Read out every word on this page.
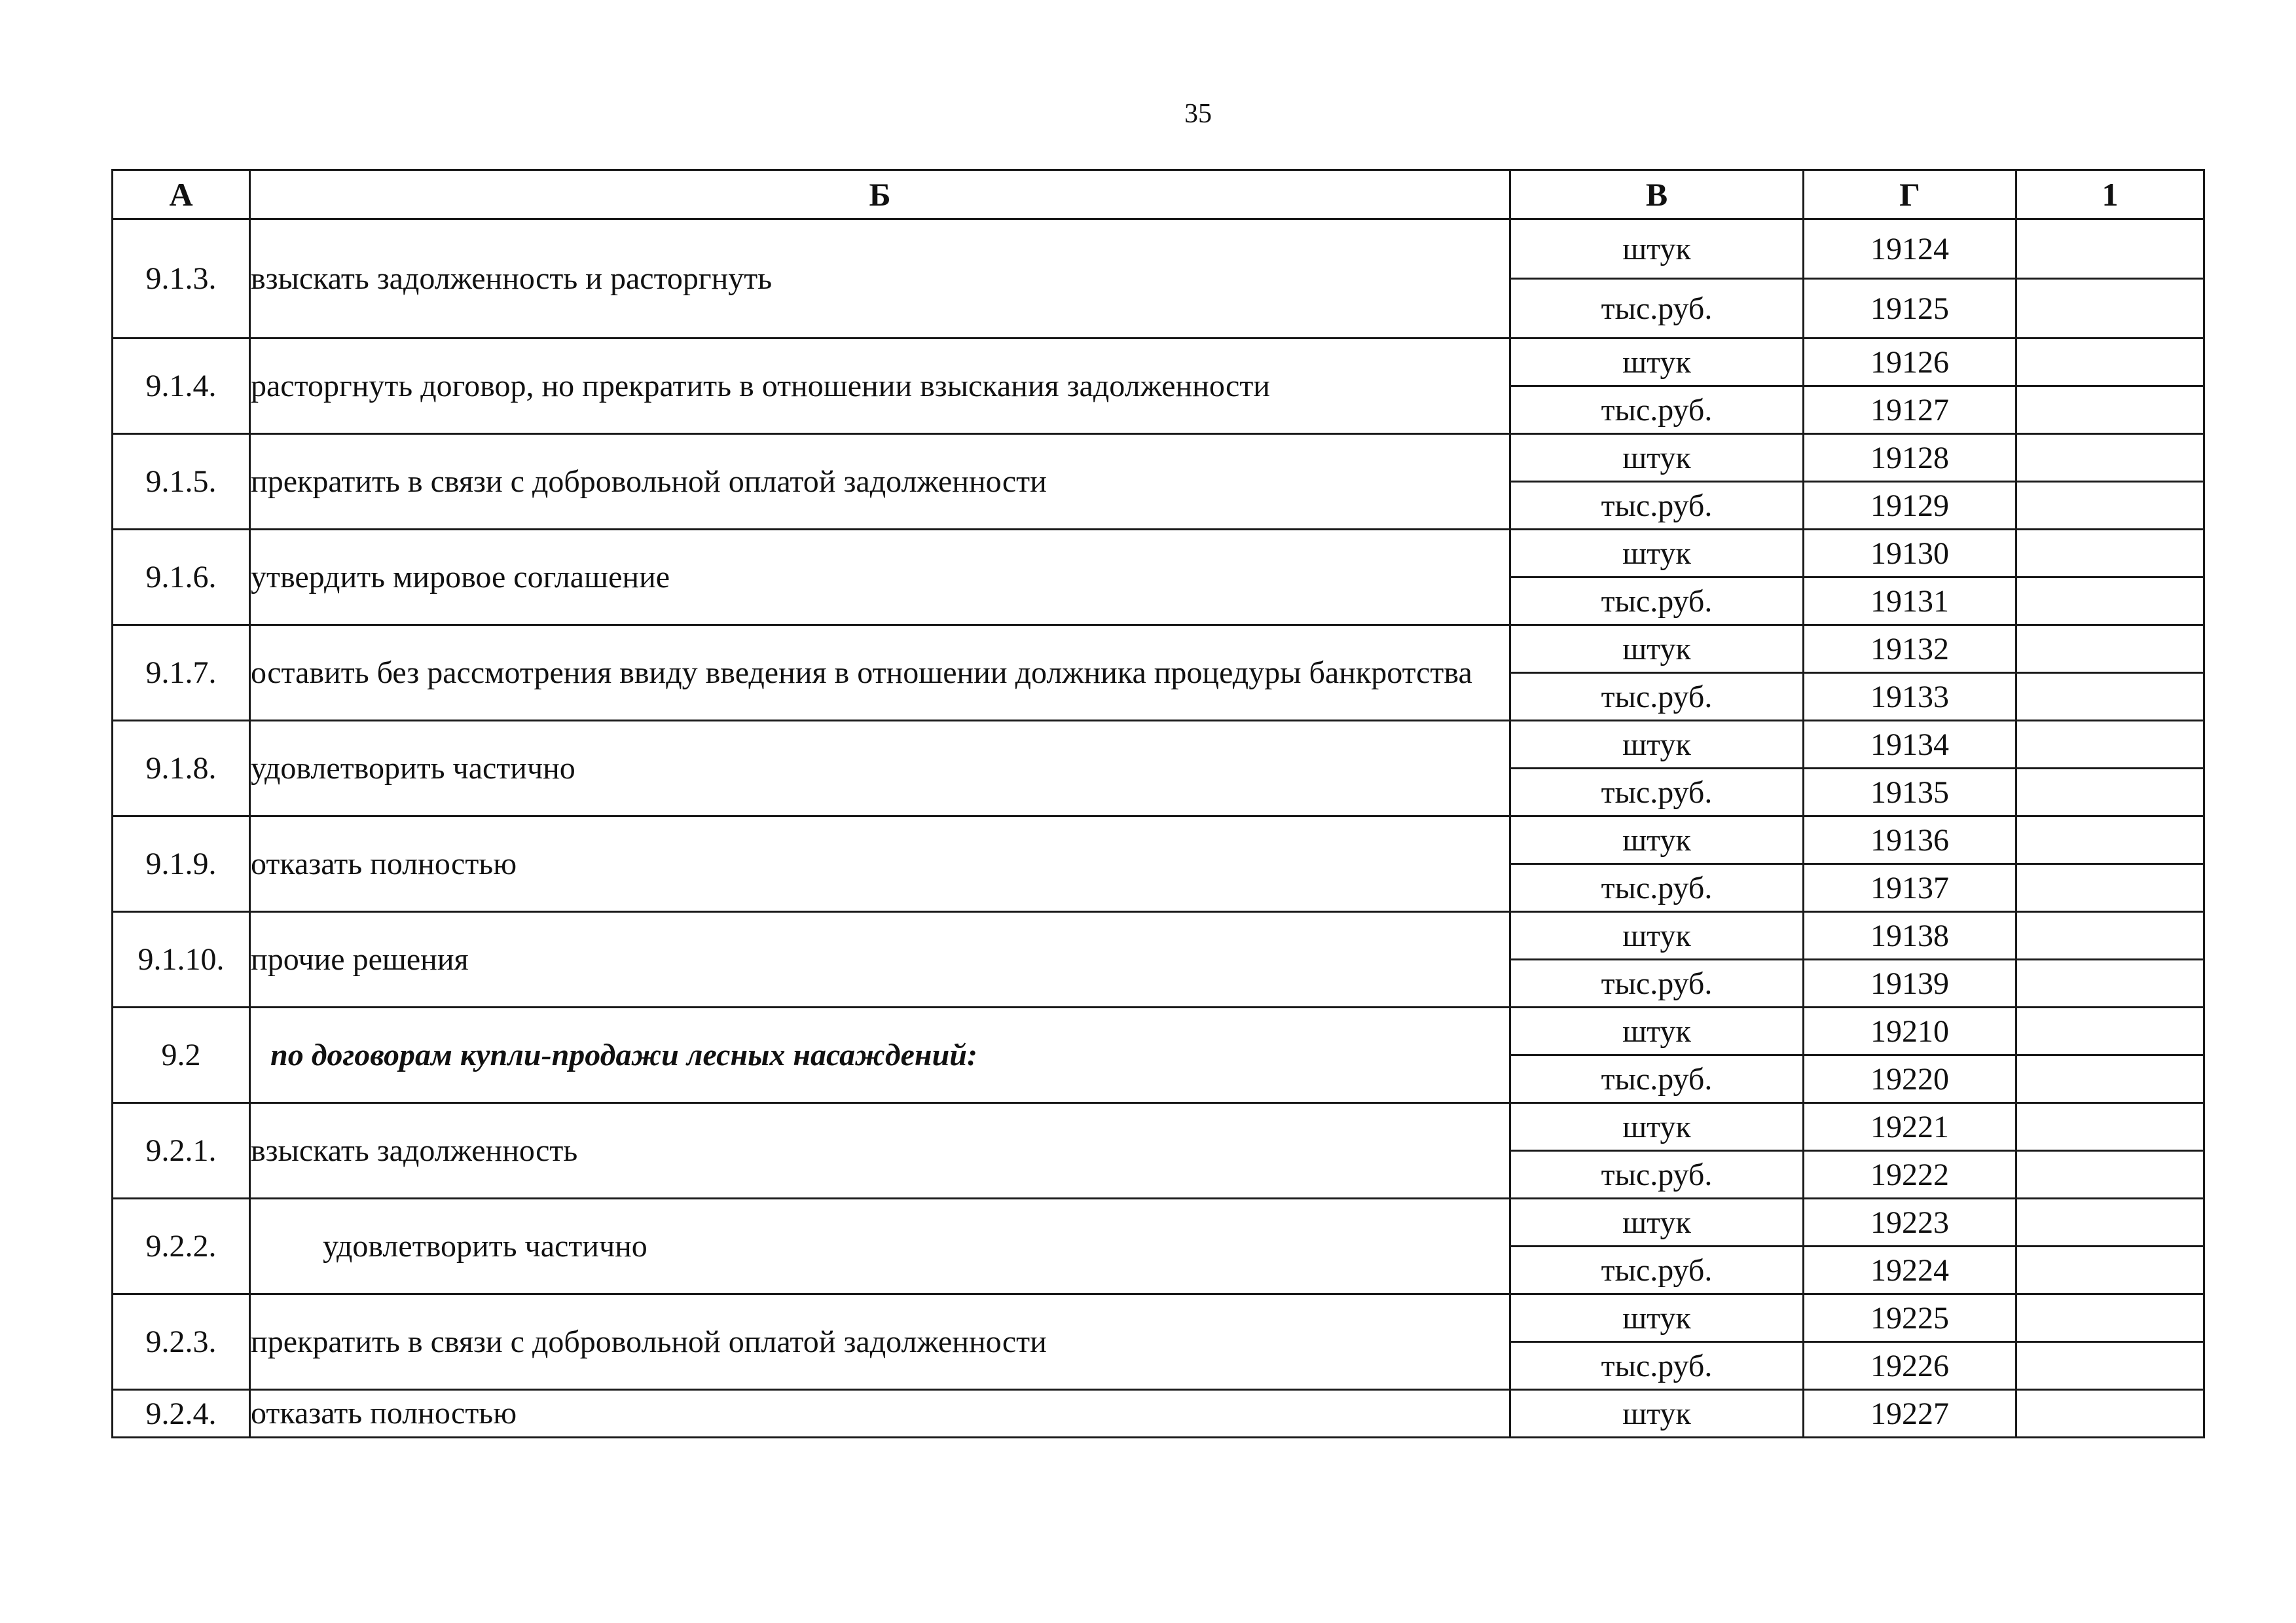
35
А	Б	В	Г	1
9.1.3.	взыскать задолженность и расторгнуть	штук	19124	
		тыс.руб.	19125	
9.1.4.	расторгнуть договор, но прекратить в отношении взыскания задолженности	штук	19126	
		тыс.руб.	19127	
9.1.5.	прекратить в связи с добровольной оплатой задолженности	штук	19128	
		тыс.руб.	19129	
9.1.6.	утвердить мировое соглашение	штук	19130	
		тыс.руб.	19131	
9.1.7.	оставить без рассмотрения ввиду введения в отношении должника процедуры банкротства	штук	19132	
		тыс.руб.	19133	
9.1.8.	удовлетворить частично	штук	19134	
		тыс.руб.	19135	
9.1.9.	отказать полностью	штук	19136	
		тыс.руб.	19137	
9.1.10.	прочие решения	штук	19138	
		тыс.руб.	19139	
9.2	по договорам купли-продажи лесных насаждений:	штук	19210	
		тыс.руб.	19220	
9.2.1.	взыскать задолженность	штук	19221	
		тыс.руб.	19222	
9.2.2.	удовлетворить частично	штук	19223	
		тыс.руб.	19224	
9.2.3.	прекратить в связи с добровольной оплатой задолженности	штук	19225	
		тыс.руб.	19226	
9.2.4.	отказать полностью	штук	19227	
